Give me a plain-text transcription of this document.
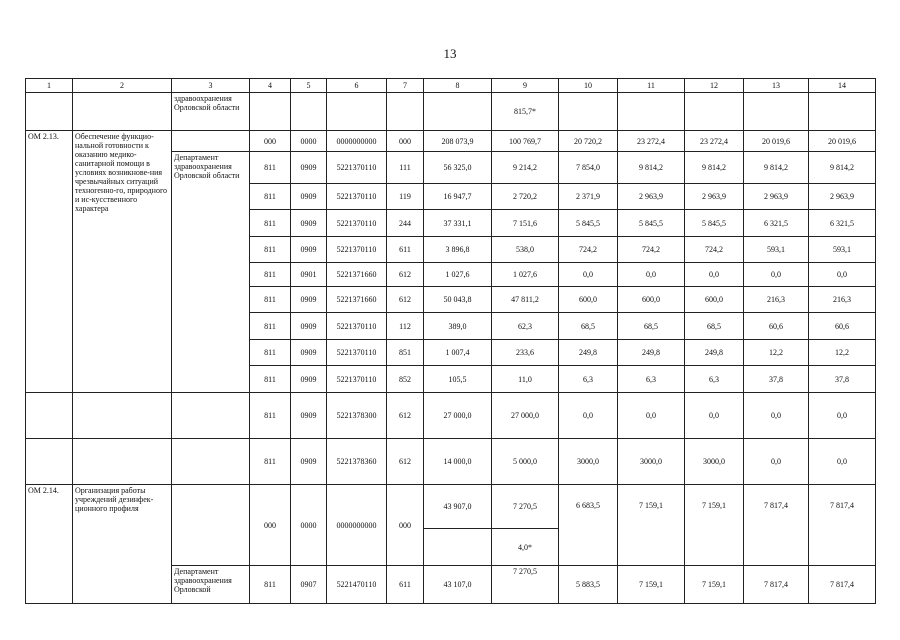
13
1	2	3	4	5	6	7	8	9	10	11	12	13	14
		здравоохранения Орловской области						815,7*					
ОМ 2.13.	Обеспечение функцио-нальной готовности к оказанию медико-санитарной помощи в условиях возникнове-ния чрезвычайных ситуаций техногенно-го, природного и ис-кусственного характера		000	0000	0000000000	000	208 073,9	100 769,7	20 720,2	23 272,4	23 272,4	20 019,6	20 019,6
		Департамент здравоохранения Орловской области	811	0909	5221370110	111	56 325,0	9 214,2	7 854,0	9 814,2	9 814,2	9 814,2	9 814,2
			811	0909	5221370110	119	16 947,7	2 720,2	2 371,9	2 963,9	2 963,9	2 963,9	2 963,9
			811	0909	5221370110	244	37 331,1	7 151,6	5 845,5	5 845,5	5 845,5	6 321,5	6 321,5
			811	0909	5221370110	611	3 896,8	538,0	724,2	724,2	724,2	593,1	593,1
			811	0901	5221371660	612	1 027,6	1 027,6	0,0	0,0	0,0	0,0	0,0
			811	0909	5221371660	612	50 043,8	47 811,2	600,0	600,0	600,0	216,3	216,3
			811	0909	5221370110	112	389,0	62,3	68,5	68,5	68,5	60,6	60,6
			811	0909	5221370110	851	1 007,4	233,6	249,8	249,8	249,8	12,2	12,2
			811	0909	5221370110	852	105,5	11,0	6,3	6,3	6,3	37,8	37,8
			811	0909	5221378300	612	27 000,0	27 000,0	0,0	0,0	0,0	0,0	0,0
			811	0909	5221378360	612	14 000,0	5 000,0	3000,0	3000,0	3000,0	0,0	0,0
ОМ 2.14.	Организация работы учреждений дезинфек-ционного профиля		000	0000	0000000000	000	43 907,0	7 270,5	6 683,5	7 159,1	7 159,1	7 817,4	7 817,4
								4,0*					
		Департамент здравоохранения Орловской	811	0907	5221470110	611	43 107,0	7 270,5	5 883,5	7 159,1	7 159,1	7 817,4	7 817,4
